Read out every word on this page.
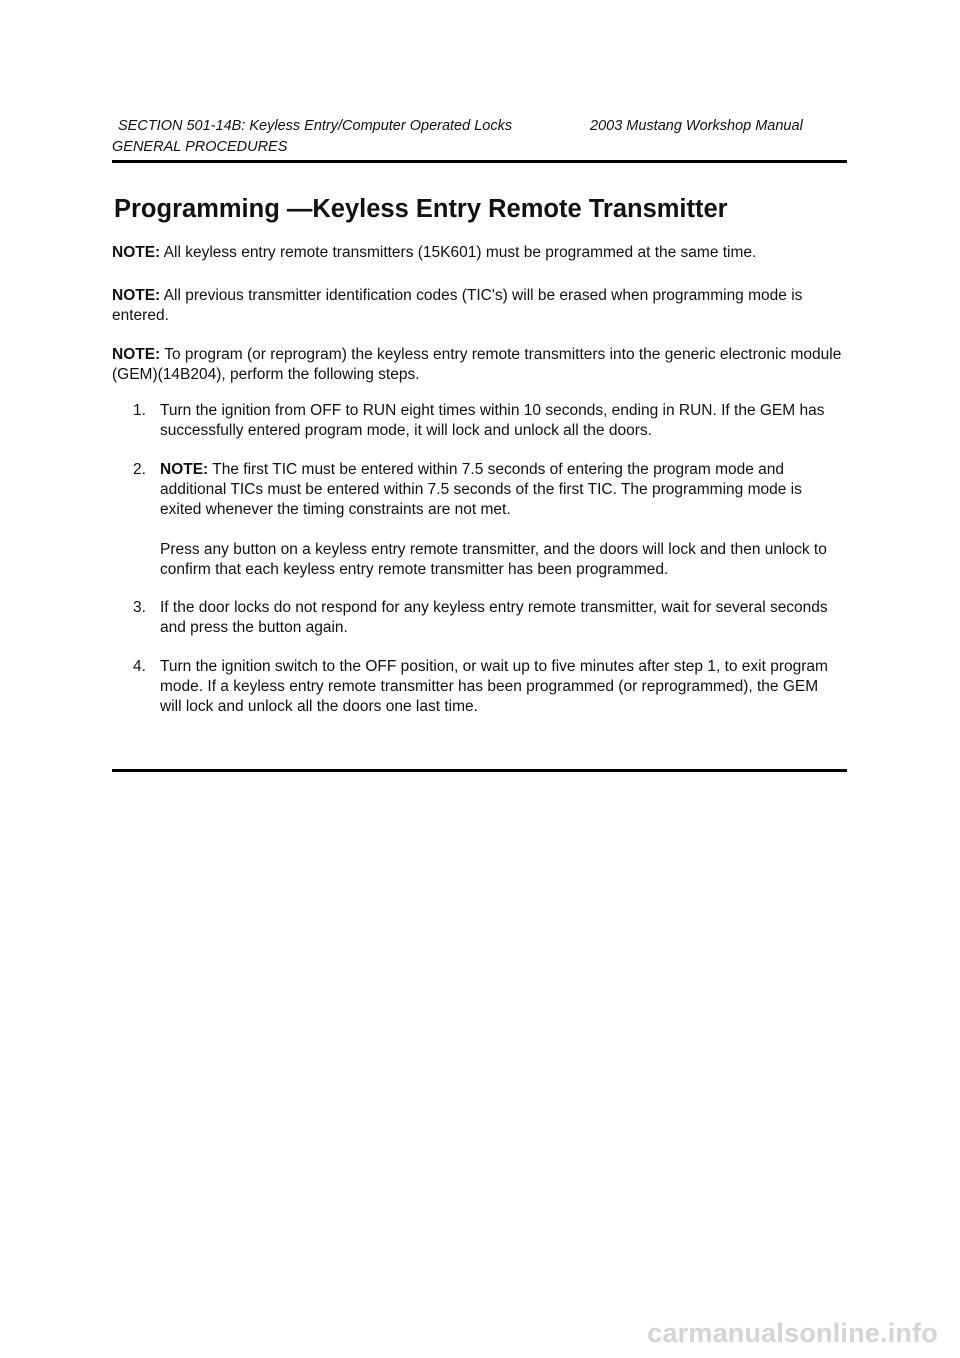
SECTION 501-14B: Keyless Entry/Computer Operated Locks	2003 Mustang Workshop Manual
GENERAL PROCEDURES
Programming —Keyless Entry Remote Transmitter

NOTE: All keyless entry remote transmitters (15K601) must be programmed at the same time.

NOTE: All previous transmitter identification codes (TIC's) will be erased when programming mode is entered.

NOTE: To program (or reprogram) the keyless entry remote transmitters into the generic electronic module (GEM)(14B204), perform the following steps.

1. Turn the ignition from OFF to RUN eight times within 10 seconds, ending in RUN. If the GEM has successfully entered program mode, it will lock and unlock all the doors.

2. NOTE: The first TIC must be entered within 7.5 seconds of entering the program mode and additional TICs must be entered within 7.5 seconds of the first TIC. The programming mode is exited whenever the timing constraints are not met.

Press any button on a keyless entry remote transmitter, and the doors will lock and then unlock to confirm that each keyless entry remote transmitter has been programmed.

3. If the door locks do not respond for any keyless entry remote transmitter, wait for several seconds and press the button again.

4. Turn the ignition switch to the OFF position, or wait up to five minutes after step 1, to exit program mode. If a keyless entry remote transmitter has been programmed (or reprogrammed), the GEM will lock and unlock all the doors one last time.

carmanualsonline.info
